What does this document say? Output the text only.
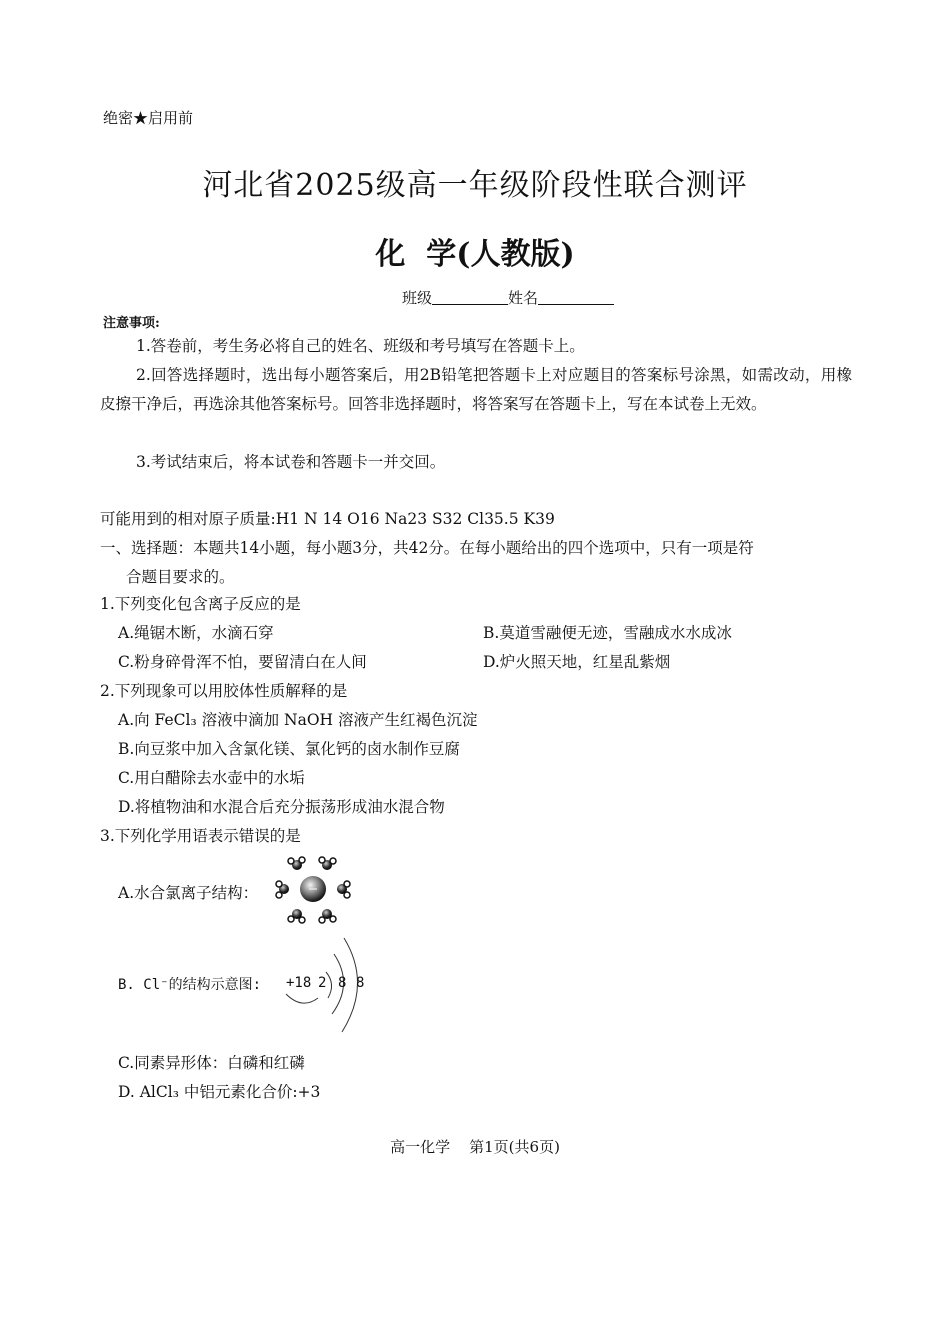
绝密★启用前
河北省2025级高一年级阶段性联合测评
化  学(人教版)
班级	姓名
注意事项:
1.答卷前，考生务必将自己的姓名、班级和考号填写在答题卡上。
2.回答选择题时，选出每小题答案后，用2B铅笔把答题卡上对应题目的答案标号涂黑，如需改动，用橡皮擦干净后，再选涂其他答案标号。回答非选择题时，将答案写在答题卡上，写在本试卷上无效。
3.考试结束后，将本试卷和答题卡一并交回。
可能用到的相对原子质量:H1 N 14 O16 Na23 S32 Cl35.5 K39
一、选择题：本题共14小题，每小题3分，共42分。在每小题给出的四个选项中，只有一项是符
合题目要求的。
1.下列变化包含离子反应的是
A.绳锯木断，水滴石穿	B.莫道雪融便无迹，雪融成水水成冰
C.粉身碎骨浑不怕，要留清白在人间	D.炉火照天地，红星乱紫烟
2.下列现象可以用胶体性质解释的是
A.向 FeCl₃ 溶液中滴加 NaOH 溶液产生红褐色沉淀
B.向豆浆中加入含氯化镁、氯化钙的卤水制作豆腐
C.用白醋除去水壶中的水垢
D.将植物油和水混合后充分振荡形成油水混合物
3.下列化学用语表示错误的是
A.水合氯离子结构：
B. Cl⁻的结构示意图: +18 2 8 8
C.同素异形体：白磷和红磷
D. AlCl₃ 中铝元素化合价:+3
高一化学    第1页(共6页)
